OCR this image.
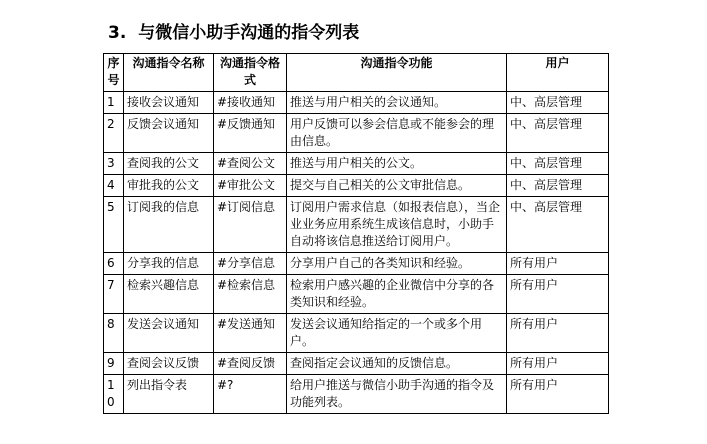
3. 与微信小助手沟通的指令列表
序号	沟通指令名称	沟通指令格式	沟通指令功能	用户
1	接收会议通知	#接收通知	推送与用户相关的会议通知。	中、高层管理
2	反馈会议通知	#反馈通知	用户反馈可以参会信息或不能参会的理由信息。	中、高层管理
3	查阅我的公文	#查阅公文	推送与用户相关的公文。	中、高层管理
4	审批我的公文	#审批公文	提交与自己相关的公文审批信息。	中、高层管理
5	订阅我的信息	#订阅信息	订阅用户需求信息（如报表信息），当企业业务应用系统生成该信息时，小助手自动将该信息推送给订阅用户。	中、高层管理
6	分享我的信息	#分享信息	分享用户自己的各类知识和经验。	所有用户
7	检索兴趣信息	#检索信息	检索用户感兴趣的企业微信中分享的各类知识和经验。	所有用户
8	发送会议通知	#发送通知	发送会议通知给指定的一个或多个用户。	所有用户
9	查阅会议反馈	#查阅反馈	查阅指定会议通知的反馈信息。	所有用户
10	列出指令表	#?	给用户推送与微信小助手沟通的指令及功能列表。	所有用户
